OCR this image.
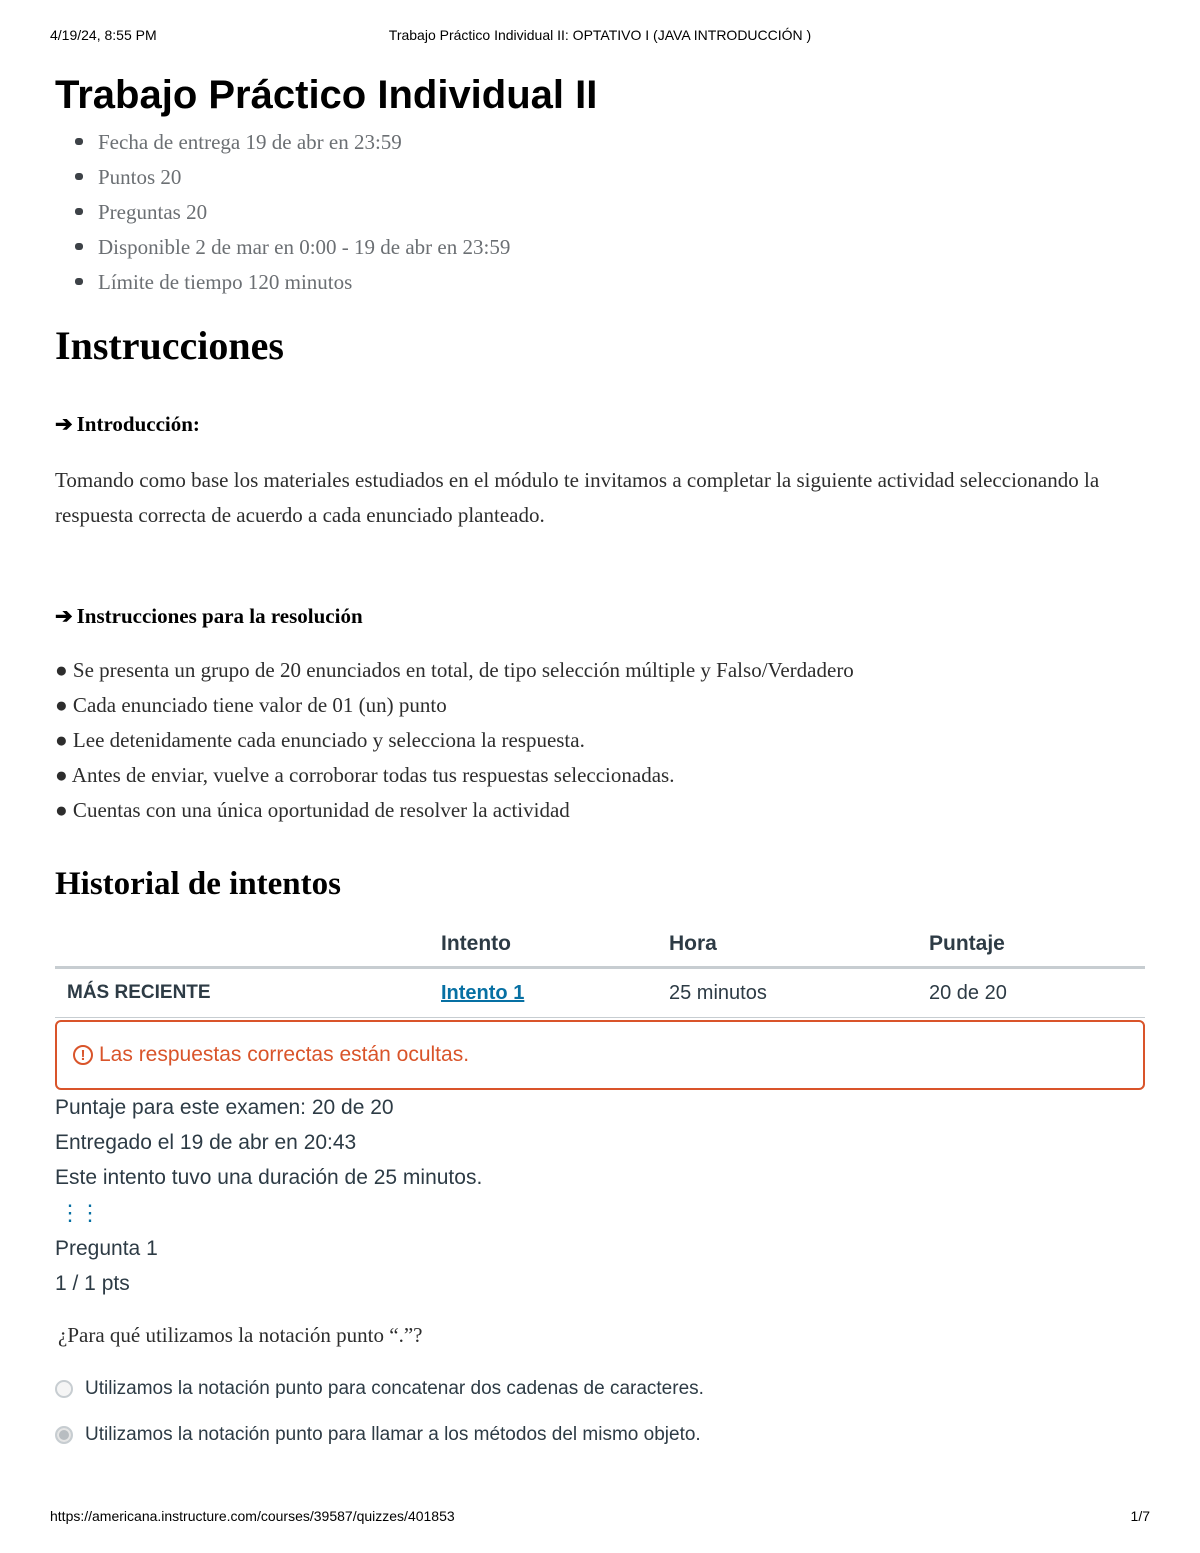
4/19/24, 8:55 PM	Trabajo Práctico Individual II: OPTATIVO I (JAVA INTRODUCCIÓN )
Trabajo Práctico Individual II
Fecha de entrega 19 de abr en 23:59
Puntos 20
Preguntas 20
Disponible 2 de mar en 0:00 - 19 de abr en 23:59
Límite de tiempo 120 minutos
Instrucciones
➔ Introducción:
Tomando como base los materiales estudiados en el módulo te invitamos a completar la siguiente actividad seleccionando la respuesta correcta de acuerdo a cada enunciado planteado.
➔ Instrucciones para la resolución
● Se presenta un grupo de 20 enunciados en total, de tipo selección múltiple y Falso/Verdadero
● Cada enunciado tiene valor de 01 (un) punto
● Lee detenidamente cada enunciado y selecciona la respuesta.
● Antes de enviar, vuelve a corroborar todas tus respuestas seleccionadas.
● Cuentas con una única oportunidad de resolver la actividad
Historial de intentos
	Intento	Hora	Puntaje
MÁS RECIENTE	Intento 1	25 minutos	20 de 20
! Las respuestas correctas están ocultas.
Puntaje para este examen: 20 de 20
Entregado el 19 de abr en 20:43
Este intento tuvo una duración de 25 minutos.
⋮⋮
Pregunta 1
1 / 1 pts
¿Para qué utilizamos la notación punto “.”?
Utilizamos la notación punto para concatenar dos cadenas de caracteres.
Utilizamos la notación punto para llamar a los métodos del mismo objeto.
https://americana.instructure.com/courses/39587/quizzes/401853	1/7
